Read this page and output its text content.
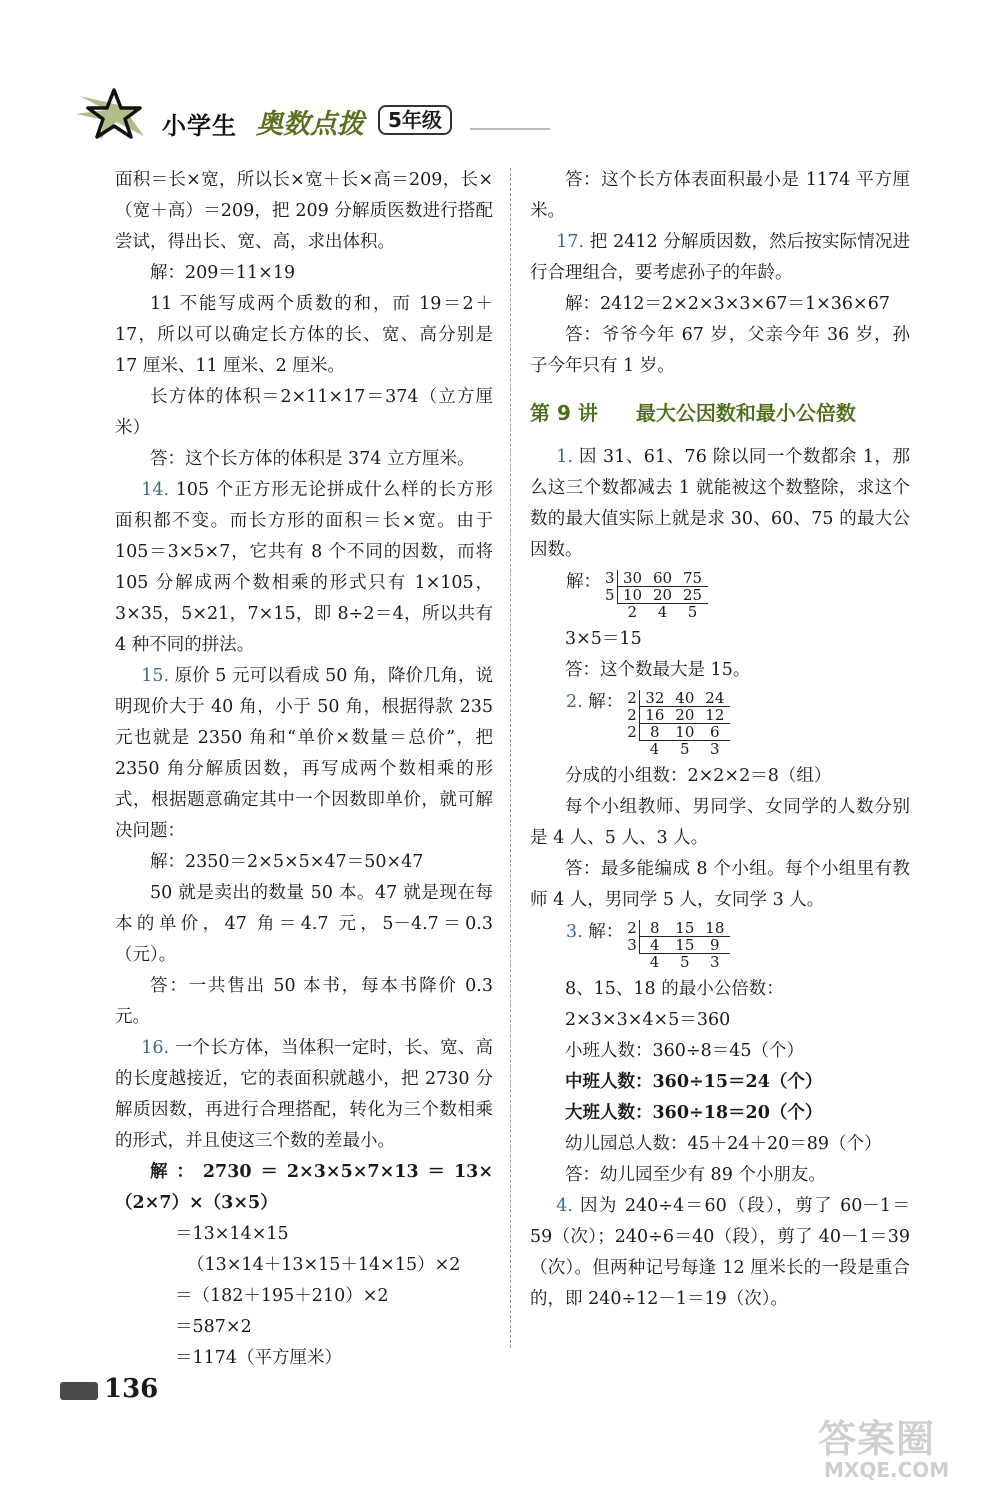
小学生 奥数点拨	5年级

面积＝长×宽，所以长×宽＋长×高＝209，长×（宽＋高）＝209，把 209 分解质医数进行搭配尝试，得出长、宽、高，求出体积。

解：209＝11×19

11 不能写成两个质数的和，而 19＝2＋17，所以可以确定长方体的长、宽、高分别是 17 厘米、11 厘米、2 厘米。

长方体的体积＝2×11×17＝374（立方厘米）

答：这个长方体的体积是 374 立方厘米。

14. 105 个正方形无论拼成什么样的长方形面积都不变。而长方形的面积＝长×宽。由于 105＝3×5×7，它共有 8 个不同的因数，而将 105 分解成两个数相乘的形式只有 1×105，3×35，5×21，7×15，即 8÷2＝4，所以共有 4 种不同的拼法。

15. 原价 5 元可以看成 50 角，降价几角，说明现价大于 40 角，小于 50 角，根据得款 235 元也就是 2350 角和“单价×数量＝总价”，把 2350 角分解质因数，再写成两个数相乘的形式，根据题意确定其中一个因数即单价，就可解决问题：

解：2350＝2×5×5×47＝50×47

50 就是卖出的数量 50 本。47 就是现在每本的单价，47 角＝4.7 元，5－4.7＝0.3（元）。

答：一共售出 50 本书，每本书降价 0.3 元。

16. 一个长方体，当体积一定时，长、宽、高的长度越接近，它的表面积就越小，把 2730 分解质因数，再进行合理搭配，转化为三个数相乘的形式，并且使这三个数的差最小。

解：2730＝2×3×5×7×13＝13×（2×7）×（3×5）

＝13×14×15

（13×14＋13×15＋14×15）×2

＝（182＋195＋210）×2

＝587×2

＝1174（平方厘米）

答：这个长方体表面积最小是 1174 平方厘米。

17. 把 2412 分解质因数，然后按实际情况进行合理组合，要考虑孙子的年龄。

解：2412＝2×2×3×3×67＝1×36×67

答：爷爷今年 67 岁，父亲今年 36 岁，孙子今年只有 1 岁。

第 9 讲 最大公因数和最小公倍数

1. 因 31、61、76 除以同一个数都余 1，那么这三个数都减去 1 就能被这个数整除，求这个数的最大值实际上就是求 30、60、75 的最大公因数。

解： 3	30	60	75
5	10	20	25
	2	4	5

3×5＝15

答：这个数最大是 15。

2. 解： 2	32	40	24
2	16	20	12
2	8	10	6
	4	5	3

分成的小组数：2×2×2＝8（组）

每个小组教师、男同学、女同学的人数分别是 4 人、5 人、3 人。

答：最多能编成 8 个小组。每个小组里有教师 4 人，男同学 5 人，女同学 3 人。

3. 解： 2	8	15	18
3	4	15	9
	4	5	3

8、15、18 的最小公倍数：

2×3×3×4×5＝360

小班人数：360÷8＝45（个）

中班人数：360÷15＝24（个）

大班人数：360÷18＝20（个）

幼儿园总人数：45＋24＋20＝89（个）

答：幼儿园至少有 89 个小朋友。

4. 因为 240÷4＝60（段），剪了 60－1＝59（次）；240÷6＝40（段），剪了 40－1＝39（次）。但两种记号每逢 12 厘米长的一段是重合的，即 240÷12－1＝19（次）。

136
答案圈
MXQE.COM
